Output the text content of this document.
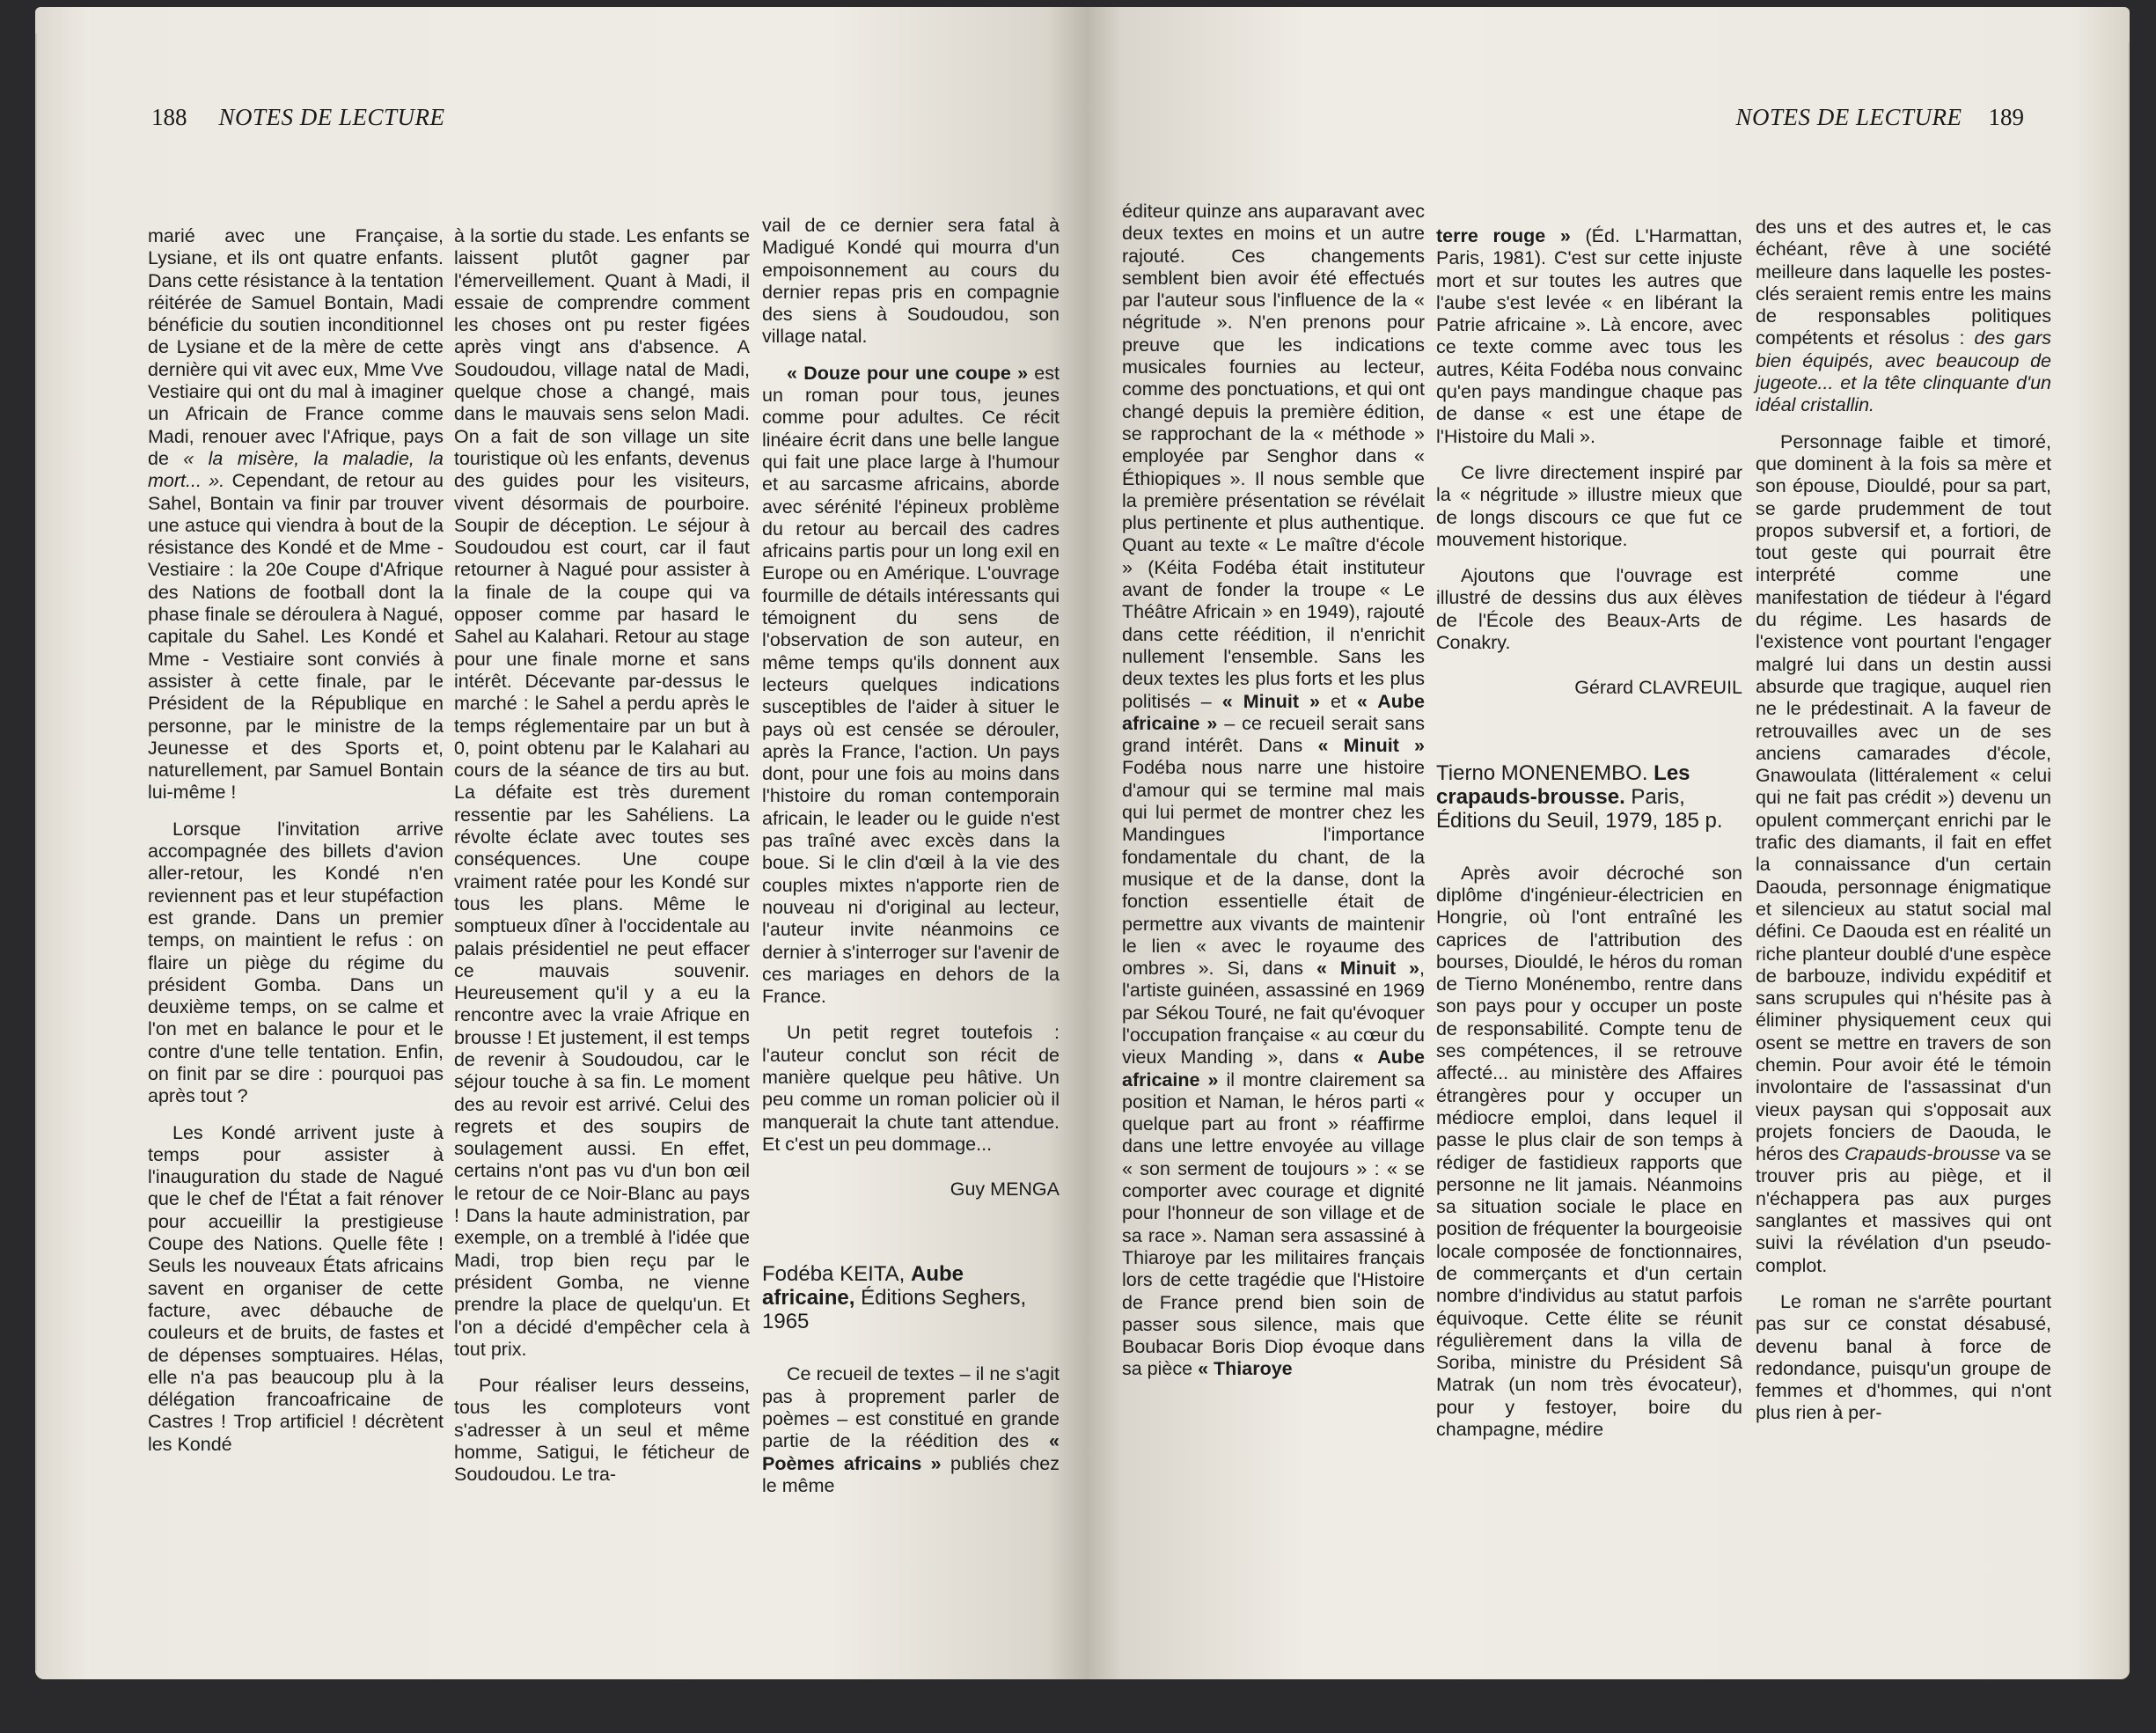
188 NOTES DE LECTURE

marié avec une Française, Lysiane, et ils ont quatre enfants. Dans cette résistance à la tentation réitérée de Samuel Bontain, Madi bénéficie du soutien inconditionnel de Lysiane et de la mère de cette dernière qui vit avec eux, Mme Vve Vestiaire qui ont du mal à imaginer un Africain de France comme Madi, renouer avec l'Afrique, pays de « la misère, la maladie, la mort... ». Cependant, de retour au Sahel, Bontain va finir par trouver une astuce qui viendra à bout de la résistance des Kondé et de Mme - Vestiaire : la 20e Coupe d'Afrique des Nations de football dont la phase finale se déroulera à Nagué, capitale du Sahel. Les Kondé et Mme - Vestiaire sont conviés à assister à cette finale, par le Président de la République en personne, par le ministre de la Jeunesse et des Sports et, naturellement, par Samuel Bontain lui-même !

Lorsque l'invitation arrive accompagnée des billets d'avion aller-retour, les Kondé n'en reviennent pas et leur stupéfaction est grande. Dans un premier temps, on maintient le refus : on flaire un piège du régime du président Gomba. Dans un deuxième temps, on se calme et l'on met en balance le pour et le contre d'une telle tentation. Enfin, on finit par se dire : pourquoi pas après tout ?

Les Kondé arrivent juste à temps pour assister à l'inauguration du stade de Nagué que le chef de l'État a fait rénover pour accueillir la prestigieuse Coupe des Nations. Quelle fête ! Seuls les nouveaux États africains savent en organiser de cette facture, avec débauche de couleurs et de bruits, de fastes et de dépenses somptuaires. Hélas, elle n'a pas beaucoup plu à la délégation francoafricaine de Castres ! Trop artificiel ! décrètent les Kondé

à la sortie du stade. Les enfants se laissent plutôt gagner par l'émerveillement. Quant à Madi, il essaie de comprendre comment les choses ont pu rester figées après vingt ans d'absence. A Soudoudou, village natal de Madi, quelque chose a changé, mais dans le mauvais sens selon Madi. On a fait de son village un site touristique où les enfants, devenus des guides pour les visiteurs, vivent désormais de pourboire. Soupir de déception. Le séjour à Soudoudou est court, car il faut retourner à Nagué pour assister à la finale de la coupe qui va opposer comme par hasard le Sahel au Kalahari. Retour au stage pour une finale morne et sans intérêt. Décevante par-dessus le marché : le Sahel a perdu après le temps réglementaire par un but à 0, point obtenu par le Kalahari au cours de la séance de tirs au but. La défaite est très durement ressentie par les Sahéliens. La révolte éclate avec toutes ses conséquences. Une coupe vraiment ratée pour les Kondé sur tous les plans. Même le somptueux dîner à l'occidentale au palais présidentiel ne peut effacer ce mauvais souvenir. Heureusement qu'il y a eu la rencontre avec la vraie Afrique en brousse ! Et justement, il est temps de revenir à Soudoudou, car le séjour touche à sa fin. Le moment des au revoir est arrivé. Celui des regrets et des soupirs de soulagement aussi. En effet, certains n'ont pas vu d'un bon œil le retour de ce Noir-Blanc au pays ! Dans la haute administration, par exemple, on a tremblé à l'idée que Madi, trop bien reçu par le président Gomba, ne vienne prendre la place de quelqu'un. Et l'on a décidé d'empêcher cela à tout prix.

Pour réaliser leurs desseins, tous les comploteurs vont s'adresser à un seul et même homme, Satigui, le féticheur de Soudoudou. Le tra-

vail de ce dernier sera fatal à Madigué Kondé qui mourra d'un empoisonnement au cours du dernier repas pris en compagnie des siens à Soudoudou, son village natal.

« Douze pour une coupe » est un roman pour tous, jeunes comme pour adultes. Ce récit linéaire écrit dans une belle langue qui fait une place large à l'humour et au sarcasme africains, aborde avec sérénité l'épineux problème du retour au bercail des cadres africains partis pour un long exil en Europe ou en Amérique. L'ouvrage fourmille de détails intéressants qui témoignent du sens de l'observation de son auteur, en même temps qu'ils donnent aux lecteurs quelques indications susceptibles de l'aider à situer le pays où est censée se dérouler, après la France, l'action. Un pays dont, pour une fois au moins dans l'histoire du roman contemporain africain, le leader ou le guide n'est pas traîné avec excès dans la boue. Si le clin d'œil à la vie des couples mixtes n'apporte rien de nouveau ni d'original au lecteur, l'auteur invite néanmoins ce dernier à s'interroger sur l'avenir de ces mariages en dehors de la France.

Un petit regret toutefois : l'auteur conclut son récit de manière quelque peu hâtive. Un peu comme un roman policier où il manquerait la chute tant attendue. Et c'est un peu dommage...

Guy MENGA

Fodéba KEITA, Aube africaine, Éditions Seghers, 1965

Ce recueil de textes – il ne s'agit pas à proprement parler de poèmes – est constitué en grande partie de la réédition des « Poèmes africains » publiés chez le même

NOTES DE LECTURE 189

éditeur quinze ans auparavant avec deux textes en moins et un autre rajouté. Ces changements semblent bien avoir été effectués par l'auteur sous l'influence de la « négritude ». N'en prenons pour preuve que les indications musicales fournies au lecteur, comme des ponctuations, et qui ont changé depuis la première édition, se rapprochant de la « méthode » employée par Senghor dans « Éthiopiques ». Il nous semble que la première présentation se révélait plus pertinente et plus authentique. Quant au texte « Le maître d'école » (Kéita Fodéba était instituteur avant de fonder la troupe « Le Théâtre Africain » en 1949), rajouté dans cette réédition, il n'enrichit nullement l'ensemble. Sans les deux textes les plus forts et les plus politisés – « Minuit » et « Aube africaine » – ce recueil serait sans grand intérêt. Dans « Minuit » Fodéba nous narre une histoire d'amour qui se termine mal mais qui lui permet de montrer chez les Mandingues l'importance fondamentale du chant, de la musique et de la danse, dont la fonction essentielle était de permettre aux vivants de maintenir le lien « avec le royaume des ombres ». Si, dans « Minuit », l'artiste guinéen, assassiné en 1969 par Sékou Touré, ne fait qu'évoquer l'occupation française « au cœur du vieux Manding », dans « Aube africaine » il montre clairement sa position et Naman, le héros parti « quelque part au front » réaffirme dans une lettre envoyée au village « son serment de toujours » : « se comporter avec courage et dignité pour l'honneur de son village et de sa race ». Naman sera assassiné à Thiaroye par les militaires français lors de cette tragédie que l'Histoire de France prend bien soin de passer sous silence, mais que Boubacar Boris Diop évoque dans sa pièce « Thiaroye

terre rouge » (Éd. L'Harmattan, Paris, 1981). C'est sur cette injuste mort et sur toutes les autres que l'aube s'est levée « en libérant la Patrie africaine ». Là encore, avec ce texte comme avec tous les autres, Kéita Fodéba nous convainc qu'en pays mandingue chaque pas de danse « est une étape de l'Histoire du Mali ».

Ce livre directement inspiré par la « négritude » illustre mieux que de longs discours ce que fut ce mouvement historique.

Ajoutons que l'ouvrage est illustré de dessins dus aux élèves de l'École des Beaux-Arts de Conakry.

Gérard CLAVREUIL

Tierno MONENEMBO. Les crapauds-brousse. Paris, Éditions du Seuil, 1979, 185 p.

Après avoir décroché son diplôme d'ingénieur-électricien en Hongrie, où l'ont entraîné les caprices de l'attribution des bourses, Diouldé, le héros du roman de Tierno Monénembo, rentre dans son pays pour y occuper un poste de responsabilité. Compte tenu de ses compétences, il se retrouve affecté... au ministère des Affaires étrangères pour y occuper un médiocre emploi, dans lequel il passe le plus clair de son temps à rédiger de fastidieux rapports que personne ne lit jamais. Néanmoins sa situation sociale le place en position de fréquenter la bourgeoisie locale composée de fonctionnaires, de commerçants et d'un certain nombre d'individus au statut parfois équivoque. Cette élite se réunit régulièrement dans la villa de Soriba, ministre du Président Sâ Matrak (un nom très évocateur), pour y festoyer, boire du champagne, médire

des uns et des autres et, le cas échéant, rêve à une société meilleure dans laquelle les postes-clés seraient remis entre les mains de responsables politiques compétents et résolus : des gars bien équipés, avec beaucoup de jugeote... et la tête clinquante d'un idéal cristallin.

Personnage faible et timoré, que dominent à la fois sa mère et son épouse, Diouldé, pour sa part, se garde prudemment de tout propos subversif et, a fortiori, de tout geste qui pourrait être interprété comme une manifestation de tiédeur à l'égard du régime. Les hasards de l'existence vont pourtant l'engager malgré lui dans un destin aussi absurde que tragique, auquel rien ne le prédestinait. A la faveur de retrouvailles avec un de ses anciens camarades d'école, Gnawoulata (littéralement « celui qui ne fait pas crédit ») devenu un opulent commerçant enrichi par le trafic des diamants, il fait en effet la connaissance d'un certain Daouda, personnage énigmatique et silencieux au statut social mal défini. Ce Daouda est en réalité un riche planteur doublé d'une espèce de barbouze, individu expéditif et sans scrupules qui n'hésite pas à éliminer physiquement ceux qui osent se mettre en travers de son chemin. Pour avoir été le témoin involontaire de l'assassinat d'un vieux paysan qui s'opposait aux projets fonciers de Daouda, le héros des Crapauds-brousse va se trouver pris au piège, et il n'échappera pas aux purges sanglantes et massives qui ont suivi la révélation d'un pseudo-complot.

Le roman ne s'arrête pourtant pas sur ce constat désabusé, devenu banal à force de redondance, puisqu'un groupe de femmes et d'hommes, qui n'ont plus rien à per-
